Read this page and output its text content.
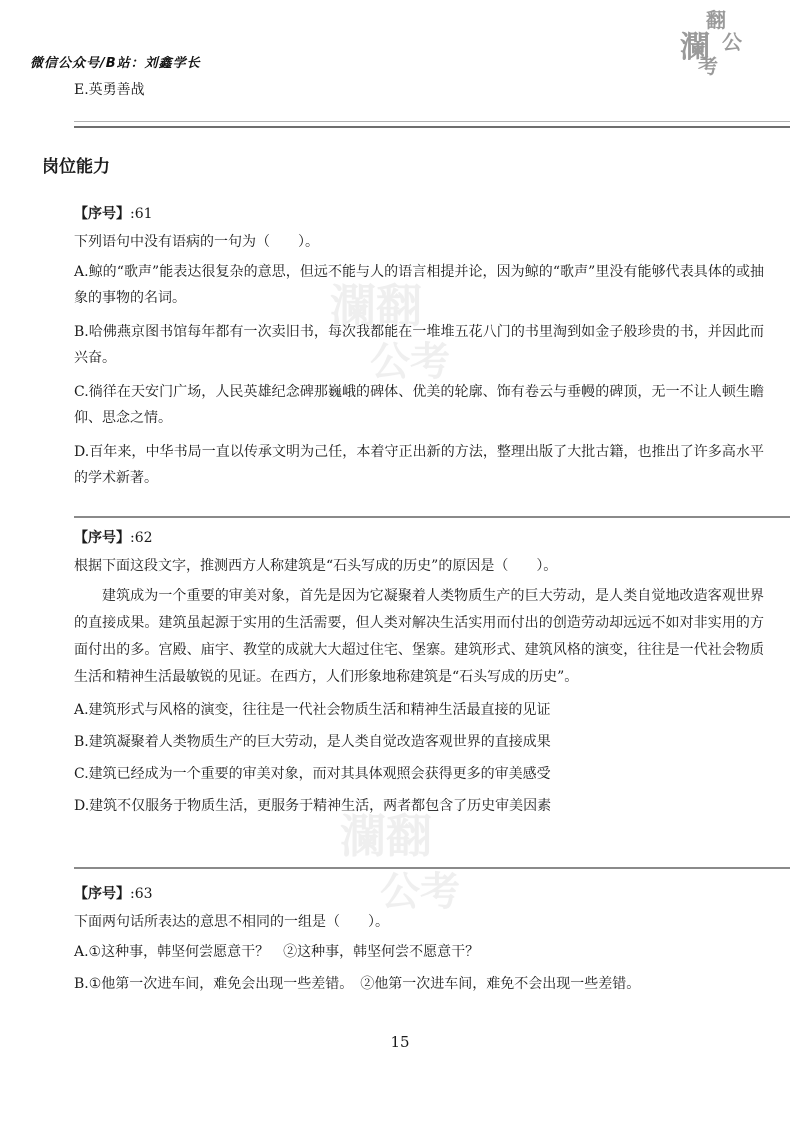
微信公众号/B站：刘鑫学长
翻
瀾 公
考
瀾翻
公考
瀾翻
公考
E.英勇善战
岗位能力

【序号】:61

下列语句中没有语病的一句为（　　）。

A.鲸的“歌声”能表达很复杂的意思，但远不能与人的语言相提并论，因为鲸的“歌声”里没有能够代表具体的或抽象的事物的名词。

B.哈佛燕京图书馆每年都有一次卖旧书，每次我都能在一堆堆五花八门的书里淘到如金子般珍贵的书，并因此而兴奋。

C.徜徉在天安门广场，人民英雄纪念碑那巍峨的碑体、优美的轮廓、饰有卷云与垂幔的碑顶，无一不让人顿生瞻仰、思念之情。

D.百年来，中华书局一直以传承文明为己任，本着守正出新的方法，整理出版了大批古籍，也推出了许多高水平的学术新著。

【序号】:62

根据下面这段文字，推测西方人称建筑是“石头写成的历史”的原因是（　　）。

建筑成为一个重要的审美对象，首先是因为它凝聚着人类物质生产的巨大劳动，是人类自觉地改造客观世界的直接成果。建筑虽起源于实用的生活需要，但人类对解决生活实用而付出的创造劳动却远远不如对非实用的方面付出的多。宫殿、庙宇、教堂的成就大大超过住宅、堡寨。建筑形式、建筑风格的演变，往往是一代社会物质生活和精神生活最敏锐的见证。在西方，人们形象地称建筑是“石头写成的历史”。

A.建筑形式与风格的演变，往往是一代社会物质生活和精神生活最直接的见证

B.建筑凝聚着人类物质生产的巨大劳动，是人类自觉改造客观世界的直接成果

C.建筑已经成为一个重要的审美对象，而对其具体观照会获得更多的审美感受

D.建筑不仅服务于物质生活，更服务于精神生活，两者都包含了历史审美因素

【序号】:63

下面两句话所表达的意思不相同的一组是（　　）。

A.①这种事，韩坚何尝愿意干？　②这种事，韩坚何尝不愿意干？

B.①他第一次进车间，难免会出现一些差错。　②他第一次进车间，难免不会出现一些差错。

15
